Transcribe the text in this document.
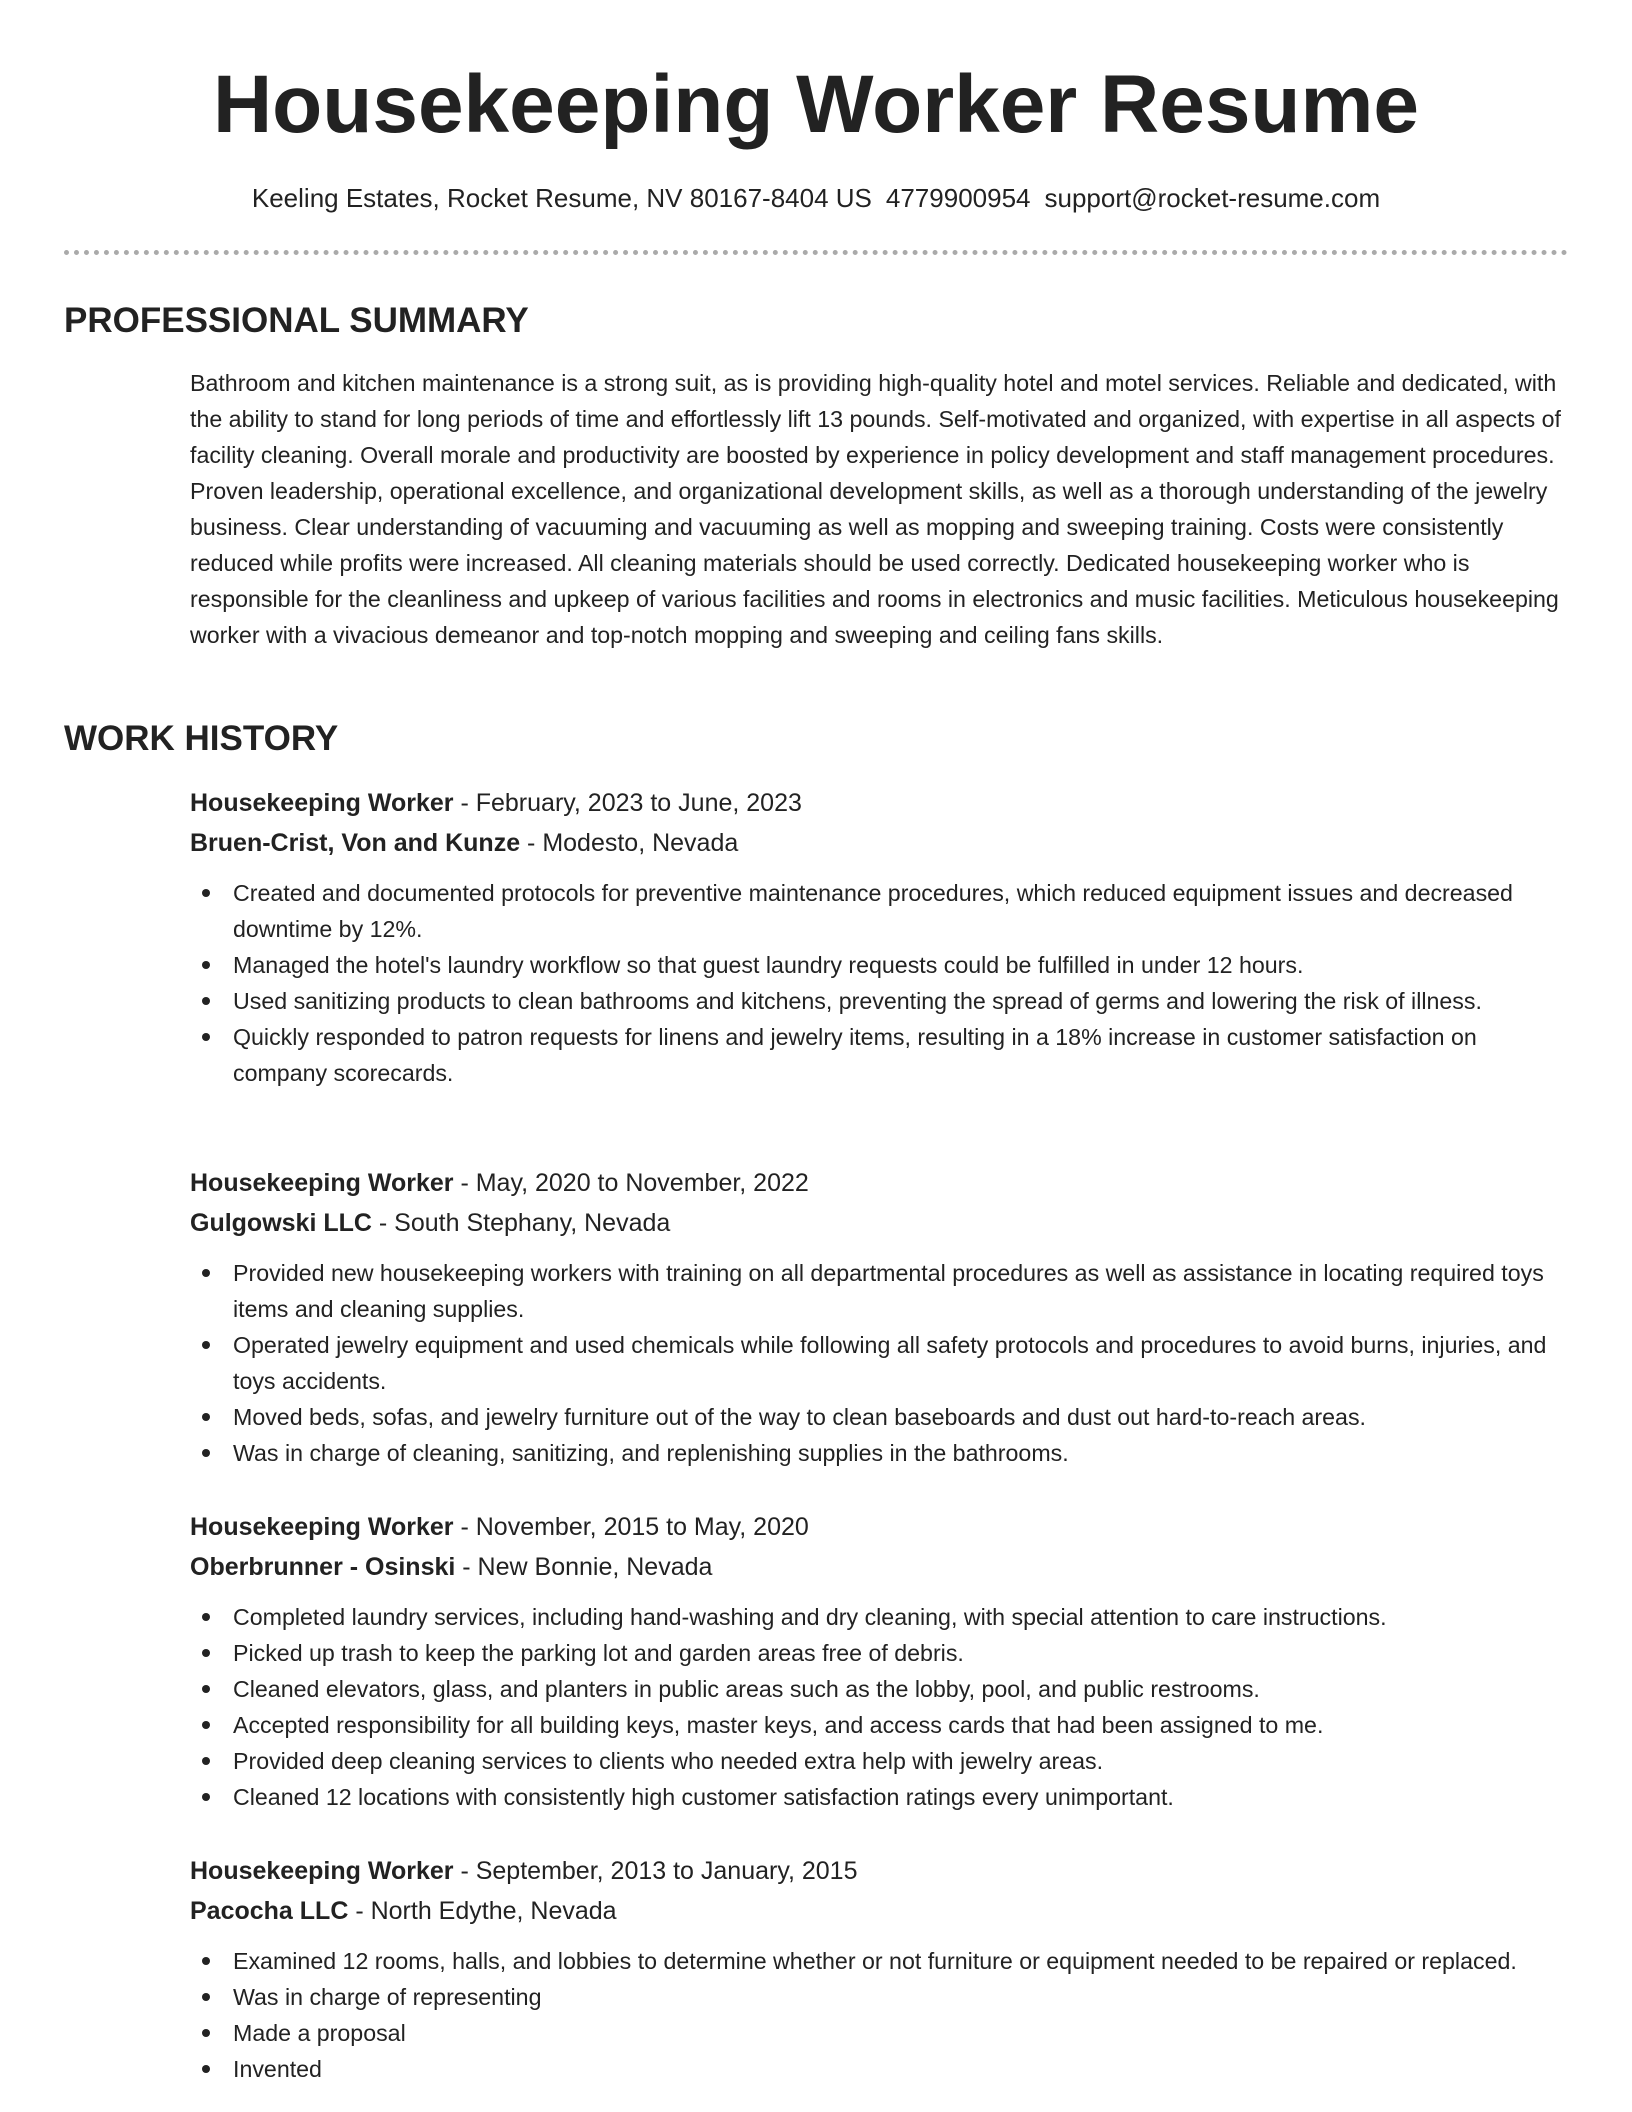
Housekeeping Worker Resume
Keeling Estates, Rocket Resume, NV 80167-8404 US 4779900954 support@rocket-resume.com
PROFESSIONAL SUMMARY

Bathroom and kitchen maintenance is a strong suit, as is providing high-quality hotel and motel services. Reliable and dedicated, with the ability to stand for long periods of time and effortlessly lift 13 pounds. Self-motivated and organized, with expertise in all aspects of facility cleaning. Overall morale and productivity are boosted by experience in policy development and staff management procedures. Proven leadership, operational excellence, and organizational development skills, as well as a thorough understanding of the jewelry business. Clear understanding of vacuuming and vacuuming as well as mopping and sweeping training. Costs were consistently reduced while profits were increased. All cleaning materials should be used correctly. Dedicated housekeeping worker who is responsible for the cleanliness and upkeep of various facilities and rooms in electronics and music facilities. Meticulous housekeeping worker with a vivacious demeanor and top-notch mopping and sweeping and ceiling fans skills.

WORK HISTORY
Housekeeping Worker - February, 2023 to June, 2023
Bruen-Crist, Von and Kunze - Modesto, Nevada
Created and documented protocols for preventive maintenance procedures, which reduced equipment issues and decreased downtime by 12%.
Managed the hotel's laundry workflow so that guest laundry requests could be fulfilled in under 12 hours.
Used sanitizing products to clean bathrooms and kitchens, preventing the spread of germs and lowering the risk of illness.
Quickly responded to patron requests for linens and jewelry items, resulting in a 18% increase in customer satisfaction on company scorecards.
Housekeeping Worker - May, 2020 to November, 2022
Gulgowski LLC - South Stephany, Nevada
Provided new housekeeping workers with training on all departmental procedures as well as assistance in locating required toys items and cleaning supplies.
Operated jewelry equipment and used chemicals while following all safety protocols and procedures to avoid burns, injuries, and toys accidents.
Moved beds, sofas, and jewelry furniture out of the way to clean baseboards and dust out hard-to-reach areas.
Was in charge of cleaning, sanitizing, and replenishing supplies in the bathrooms.
Housekeeping Worker - November, 2015 to May, 2020
Oberbrunner - Osinski - New Bonnie, Nevada
Completed laundry services, including hand-washing and dry cleaning, with special attention to care instructions.
Picked up trash to keep the parking lot and garden areas free of debris.
Cleaned elevators, glass, and planters in public areas such as the lobby, pool, and public restrooms.
Accepted responsibility for all building keys, master keys, and access cards that had been assigned to me.
Provided deep cleaning services to clients who needed extra help with jewelry areas.
Cleaned 12 locations with consistently high customer satisfaction ratings every unimportant.
Housekeeping Worker - September, 2013 to January, 2015
Pacocha LLC - North Edythe, Nevada
Examined 12 rooms, halls, and lobbies to determine whether or not furniture or equipment needed to be repaired or replaced.
Was in charge of representing
Made a proposal
Invented
